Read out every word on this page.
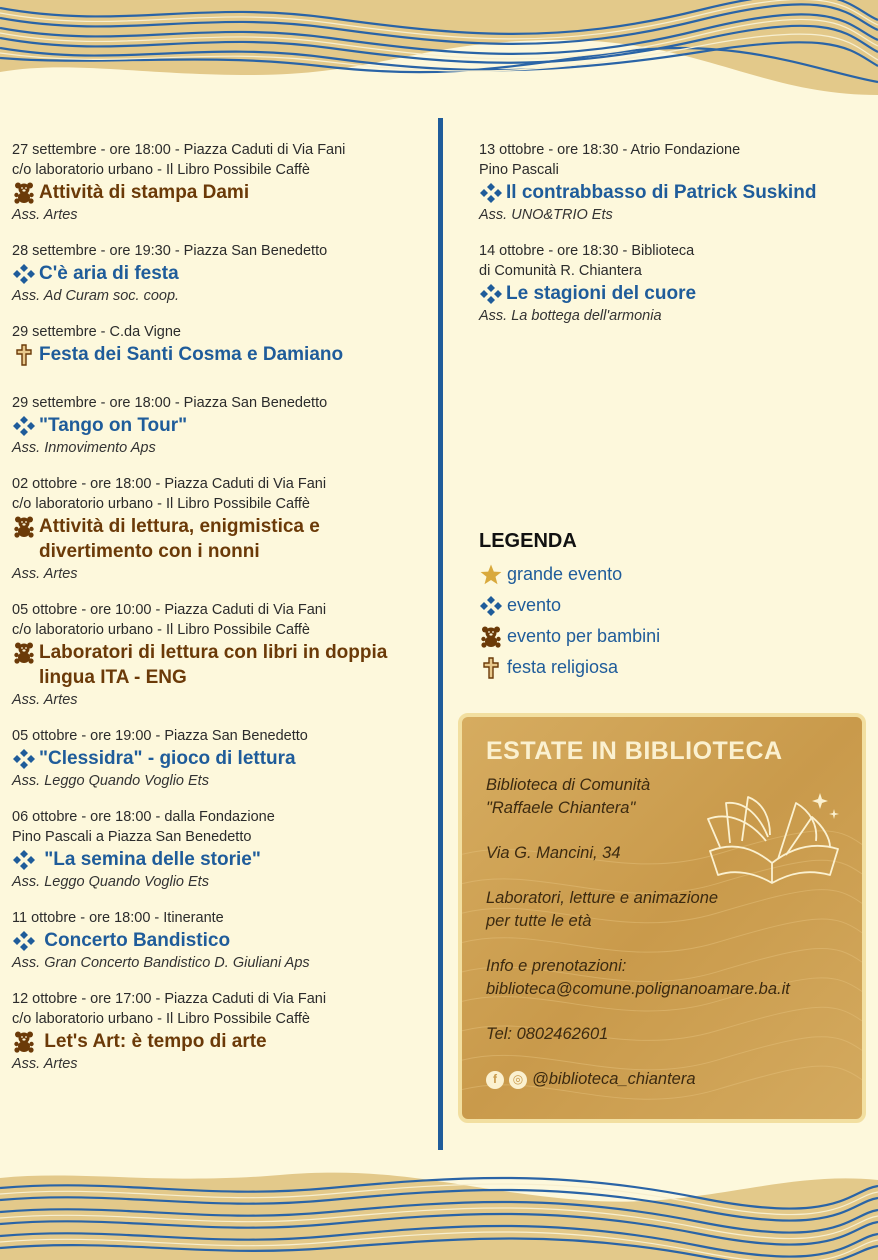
27 settembre - ore 18:00 - Piazza Caduti di Via Fani
c/o laboratorio urbano - Il Libro Possibile Caffè
Attività di stampa Dami
Ass. Artes
28 settembre - ore 19:30 - Piazza San Benedetto
C'è aria di festa
Ass. Ad Curam soc. coop.
29 settembre - C.da Vigne
Festa dei Santi Cosma e Damiano
29 settembre - ore 18:00 - Piazza San Benedetto
"Tango on Tour"
Ass. Inmovimento Aps
02 ottobre - ore 18:00 - Piazza Caduti di Via Fani
c/o laboratorio urbano - Il Libro Possibile Caffè
Attività di lettura, enigmistica e divertimento con i nonni
Ass. Artes
05 ottobre - ore 10:00 - Piazza Caduti di Via Fani
c/o laboratorio urbano - Il Libro Possibile Caffè
Laboratori di lettura con libri in doppia lingua ITA - ENG
Ass. Artes
05 ottobre - ore 19:00 - Piazza San Benedetto
"Clessidra" - gioco di lettura
Ass. Leggo Quando Voglio Ets
06 ottobre - ore 18:00 - dalla Fondazione
Pino Pascali a Piazza San Benedetto
"La semina delle storie"
Ass. Leggo Quando Voglio Ets
11 ottobre - ore 18:00 - Itinerante
Concerto Bandistico
Ass. Gran Concerto Bandistico D. Giuliani Aps
12 ottobre - ore 17:00 - Piazza Caduti di Via Fani
c/o laboratorio urbano - Il Libro Possibile Caffè
Let's Art: è tempo di arte
Ass. Artes
13 ottobre - ore 18:30 - Atrio Fondazione
Pino Pascali
Il contrabbasso di Patrick Suskind
Ass. UNO&TRIO Ets
14 ottobre - ore 18:30 - Biblioteca
di Comunità R. Chiantera
Le stagioni del cuore
Ass. La bottega dell'armonia
LEGENDA
grande evento
evento
evento per bambini
festa religiosa
ESTATE IN BIBLIOTECA
Biblioteca di Comunità
"Raffaele Chiantera"
Via G. Mancini, 34
Laboratori, letture e animazione
per tutte le età
Info e prenotazioni:
biblioteca@comune.polignanoamare.ba.it
Tel: 0802462601
f	◎ @biblioteca_chiantera
